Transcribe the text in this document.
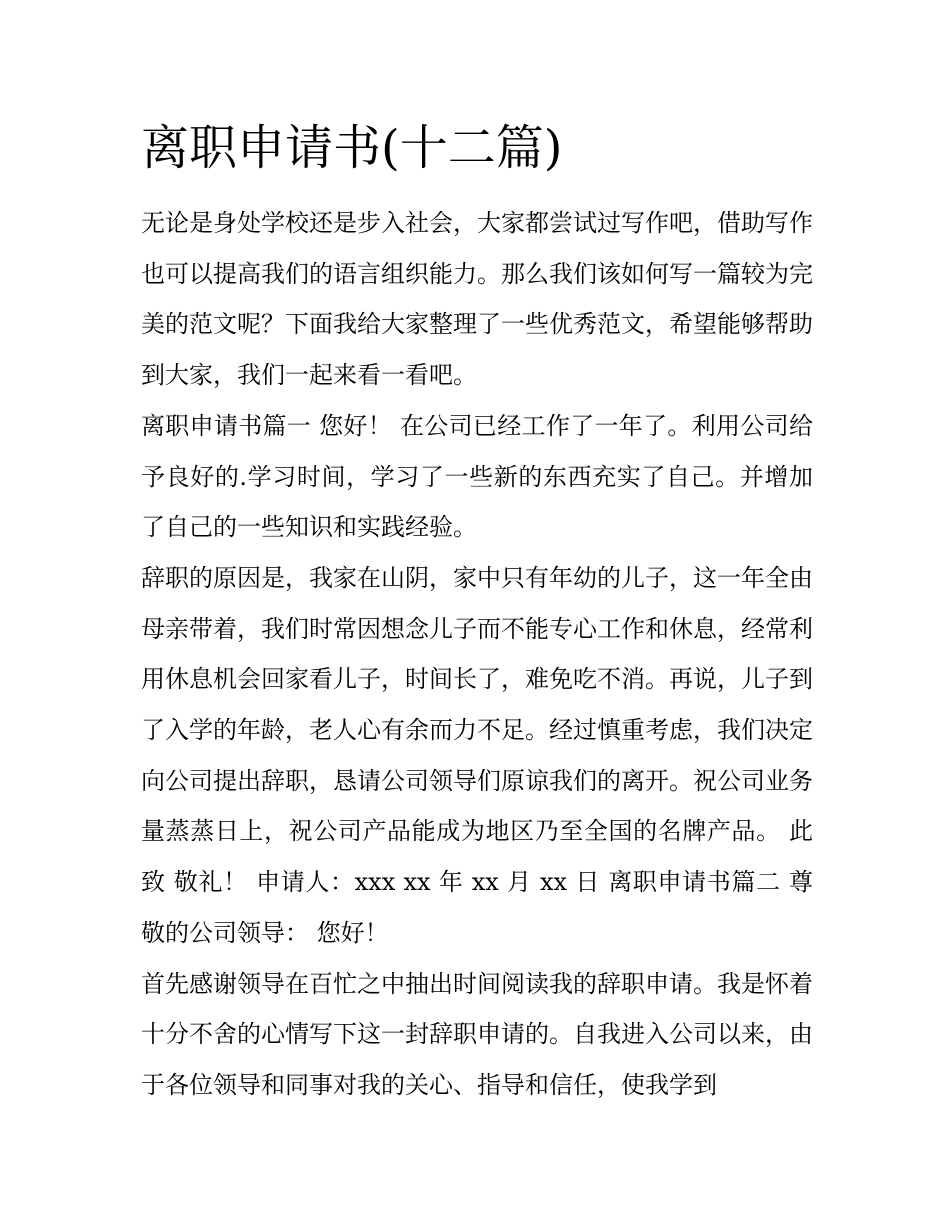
离职申请书(十二篇)

无论是身处学校还是步入社会，大家都尝试过写作吧，借助写作也可以提高我们的语言组织能力。那么我们该如何写一篇较为完美的范文呢？下面我给大家整理了一些优秀范文，希望能够帮助到大家，我们一起来看一看吧。

离职申请书篇一 您好！ 在公司已经工作了一年了。利用公司给予良好的.学习时间，学习了一些新的东西充实了自己。并增加了自己的一些知识和实践经验。

辞职的原因是，我家在山阴，家中只有年幼的儿子，这一年全由母亲带着，我们时常因想念儿子而不能专心工作和休息，经常利用休息机会回家看儿子，时间长了，难免吃不消。再说，儿子到了入学的年龄，老人心有余而力不足。经过慎重考虑，我们决定向公司提出辞职，恳请公司领导们原谅我们的离开。祝公司业务量蒸蒸日上，祝公司产品能成为地区乃至全国的名牌产品。 此致 敬礼！ 申请人：xxx xx 年 xx 月 xx 日 离职申请书篇二 尊敬的公司领导： 您好！

首先感谢领导在百忙之中抽出时间阅读我的辞职申请。我是怀着十分不舍的心情写下这一封辞职申请的。自我进入公司以来，由于各位领导和同事对我的关心、指导和信任，使我学到
